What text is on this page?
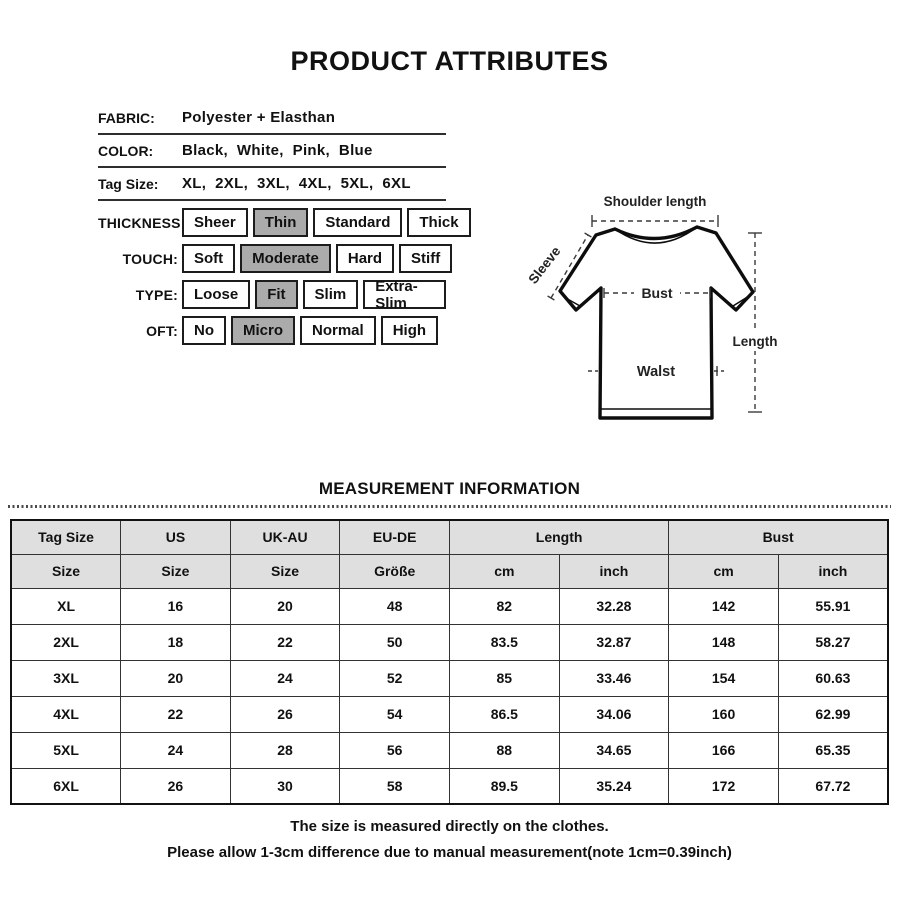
PRODUCT ATTRIBUTES
FABRIC:	Polyester + Elasthan
COLOR:	Black,  White,  Pink,  Blue
Tag Size:	XL,  2XL,  3XL,  4XL,  5XL,  6XL
THICKNESS Sheer	Thin	Standard	Thick
TOUCH:	Soft	Moderate	Hard	Stiff
TYPE:	Loose	Fit	Slim	Extra-Slim
OFT:	No	Micro	Normal	High
Shoulder length
Sleeve
Bust
Walst
Length
MEASUREMENT INFORMATION
Tag Size	US	UK-AU	EU-DE	Length		Bust	
Size	Size	Size	Größe	cm	inch	cm	inch
XL	16	20	48	82	32.28	142	55.91
2XL	18	22	50	83.5	32.87	148	58.27
3XL	20	24	52	85	33.46	154	60.63
4XL	22	26	54	86.5	34.06	160	62.99
5XL	24	28	56	88	34.65	166	65.35
6XL	26	30	58	89.5	35.24	172	67.72
The size is measured directly on the clothes.
Please allow 1-3cm difference due to manual measurement(note 1cm=0.39inch)
